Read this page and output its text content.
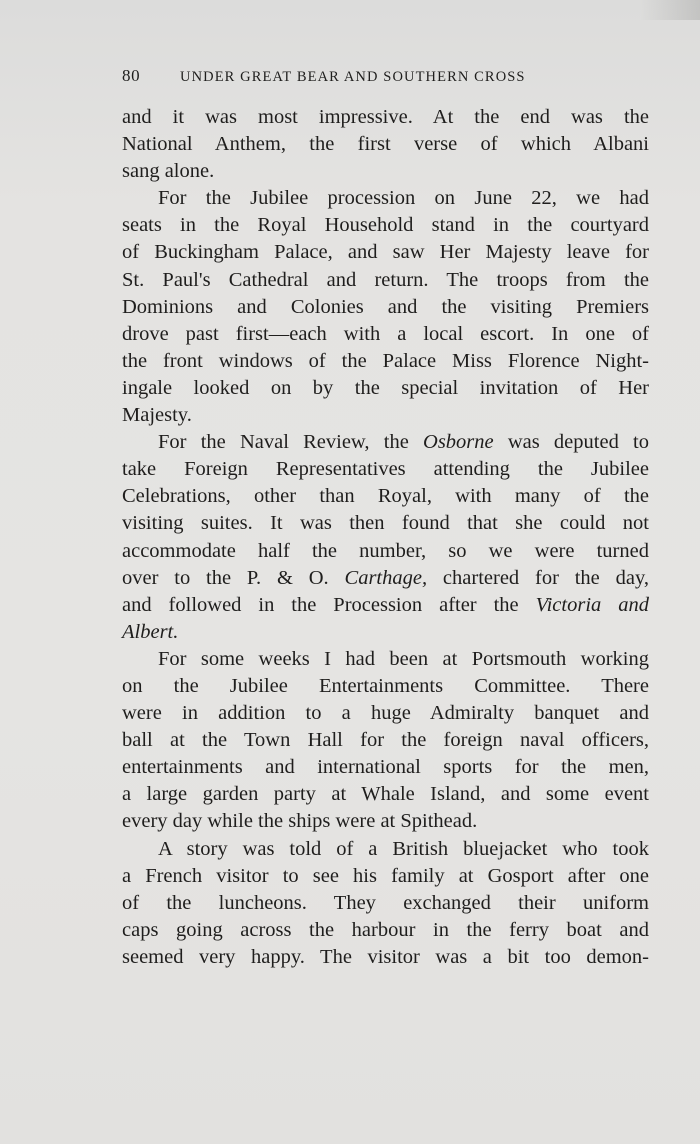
80	UNDER GREAT BEAR AND SOUTHERN CROSS
and it was most impressive. At the end was the
National Anthem, the first verse of which Albani
sang alone.
For the Jubilee procession on June 22, we had
seats in the Royal Household stand in the courtyard
of Buckingham Palace, and saw Her Majesty leave for
St. Paul's Cathedral and return. The troops from the
Dominions and Colonies and the visiting Premiers
drove past first—each with a local escort. In one of
the front windows of the Palace Miss Florence Night-
ingale looked on by the special invitation of Her
Majesty.
For the Naval Review, the Osborne was deputed to
take Foreign Representatives attending the Jubilee
Celebrations, other than Royal, with many of the
visiting suites. It was then found that she could not
accommodate half the number, so we were turned
over to the P. & O. Carthage, chartered for the day,
and followed in the Procession after the Victoria and
Albert.
For some weeks I had been at Portsmouth working
on the Jubilee Entertainments Committee. There
were in addition to a huge Admiralty banquet and
ball at the Town Hall for the foreign naval officers,
entertainments and international sports for the men,
a large garden party at Whale Island, and some event
every day while the ships were at Spithead.
A story was told of a British bluejacket who took
a French visitor to see his family at Gosport after one
of the luncheons. They exchanged their uniform
caps going across the harbour in the ferry boat and
seemed very happy. The visitor was a bit too demon-
